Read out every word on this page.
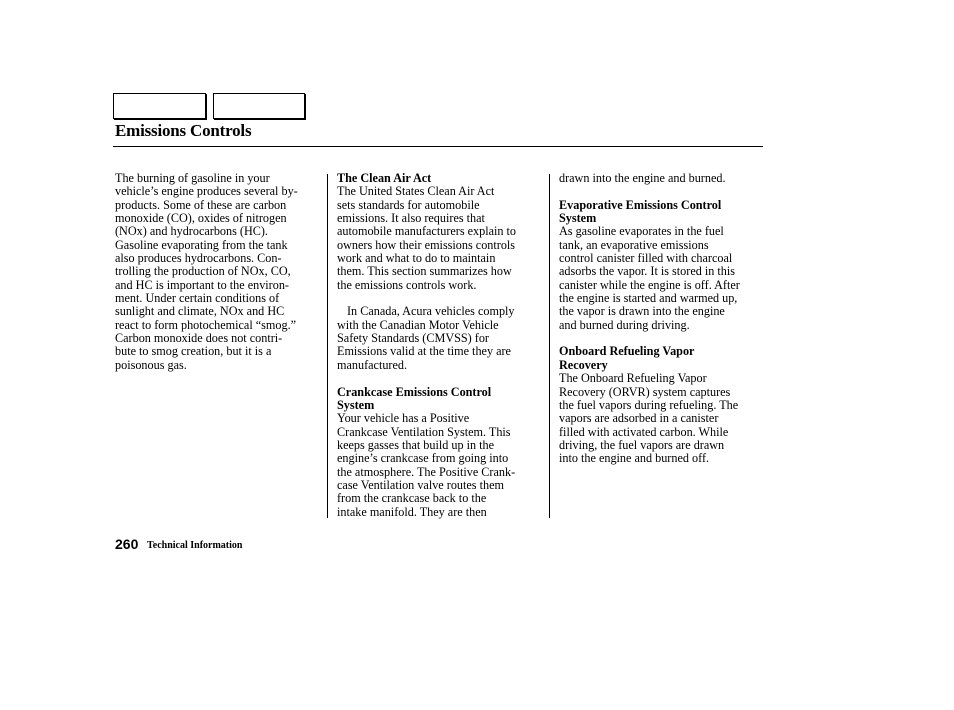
Emissions Controls

The burning of gasoline in your
vehicle’s engine produces several by-
products. Some of these are carbon
monoxide (CO), oxides of nitrogen
(NOx) and hydrocarbons (HC).
Gasoline evaporating from the tank
also produces hydrocarbons. Con-
trolling the production of NOx, CO,
and HC is important to the environ-
ment. Under certain conditions of
sunlight and climate, NOx and HC
react to form photochemical “smog.”
Carbon monoxide does not contri-
bute to smog creation, but it is a
poisonous gas.

The Clean Air Act

The United States Clean Air Act
sets standards for automobile
emissions. It also requires that
automobile manufacturers explain to
owners how their emissions controls
work and what to do to maintain
them. This section summarizes how
the emissions controls work.

In Canada, Acura vehicles comply
with the Canadian Motor Vehicle
Safety Standards (CMVSS) for
Emissions valid at the time they are
manufactured.

Crankcase Emissions Control
System

Your vehicle has a Positive
Crankcase Ventilation System. This
keeps gasses that build up in the
engine’s crankcase from going into
the atmosphere. The Positive Crank-
case Ventilation valve routes them
from the crankcase back to the
intake manifold. They are then

drawn into the engine and burned.

Evaporative Emissions Control
System

As gasoline evaporates in the fuel
tank, an evaporative emissions
control canister filled with charcoal
adsorbs the vapor. It is stored in this
canister while the engine is off. After
the engine is started and warmed up,
the vapor is drawn into the engine
and burned during driving.

Onboard Refueling Vapor
Recovery

The Onboard Refueling Vapor
Recovery (ORVR) system captures
the fuel vapors during refueling. The
vapors are adsorbed in a canister
filled with activated carbon. While
driving, the fuel vapors are drawn
into the engine and burned off.

260 Technical Information
